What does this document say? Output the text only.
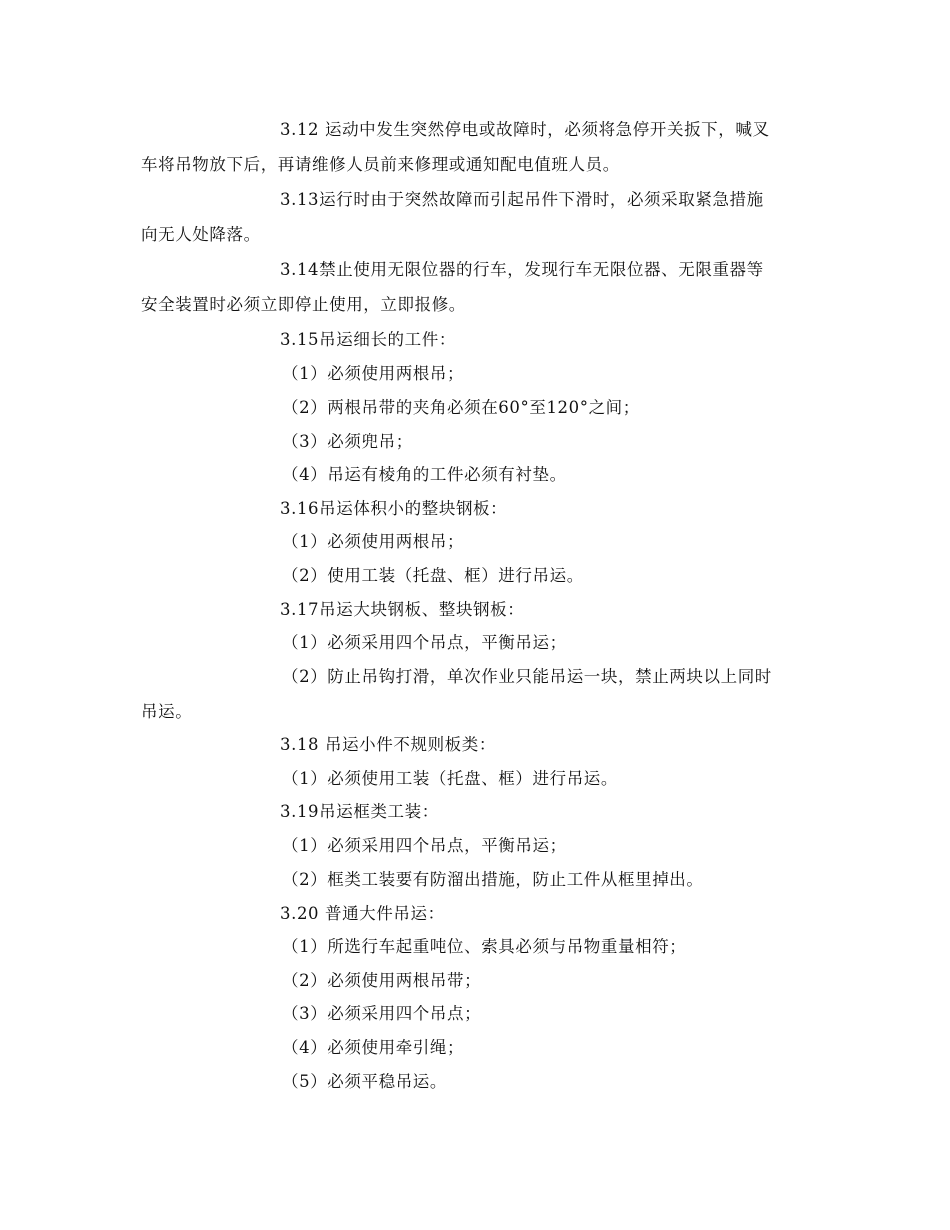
3.12 运动中发生突然停电或故障时，必须将急停开关扳下，喊叉
车将吊物放下后，再请维修人员前来修理或通知配电值班人员。
3.13运行时由于突然故障而引起吊件下滑时，必须采取紧急措施
向无人处降落。
3.14禁止使用无限位器的行车，发现行车无限位器、无限重器等
安全装置时必须立即停止使用，立即报修。
3.15吊运细长的工件：
（1）必须使用两根吊；
（2）两根吊带的夹角必须在60°至120°之间；
（3）必须兜吊；
（4）吊运有棱角的工件必须有衬垫。
3.16吊运体积小的整块钢板：
（1）必须使用两根吊；
（2）使用工装（托盘、框）进行吊运。
3.17吊运大块钢板、整块钢板：
（1）必须采用四个吊点，平衡吊运；
（2）防止吊钩打滑，单次作业只能吊运一块，禁止两块以上同时
吊运。
3.18 吊运小件不规则板类：
（1）必须使用工装（托盘、框）进行吊运。
3.19吊运框类工装：
（1）必须采用四个吊点，平衡吊运；
（2）框类工装要有防溜出措施，防止工件从框里掉出。
3.20 普通大件吊运：
（1）所选行车起重吨位、索具必须与吊物重量相符；
（2）必须使用两根吊带；
（3）必须采用四个吊点；
（4）必须使用牵引绳；
（5）必须平稳吊运。
